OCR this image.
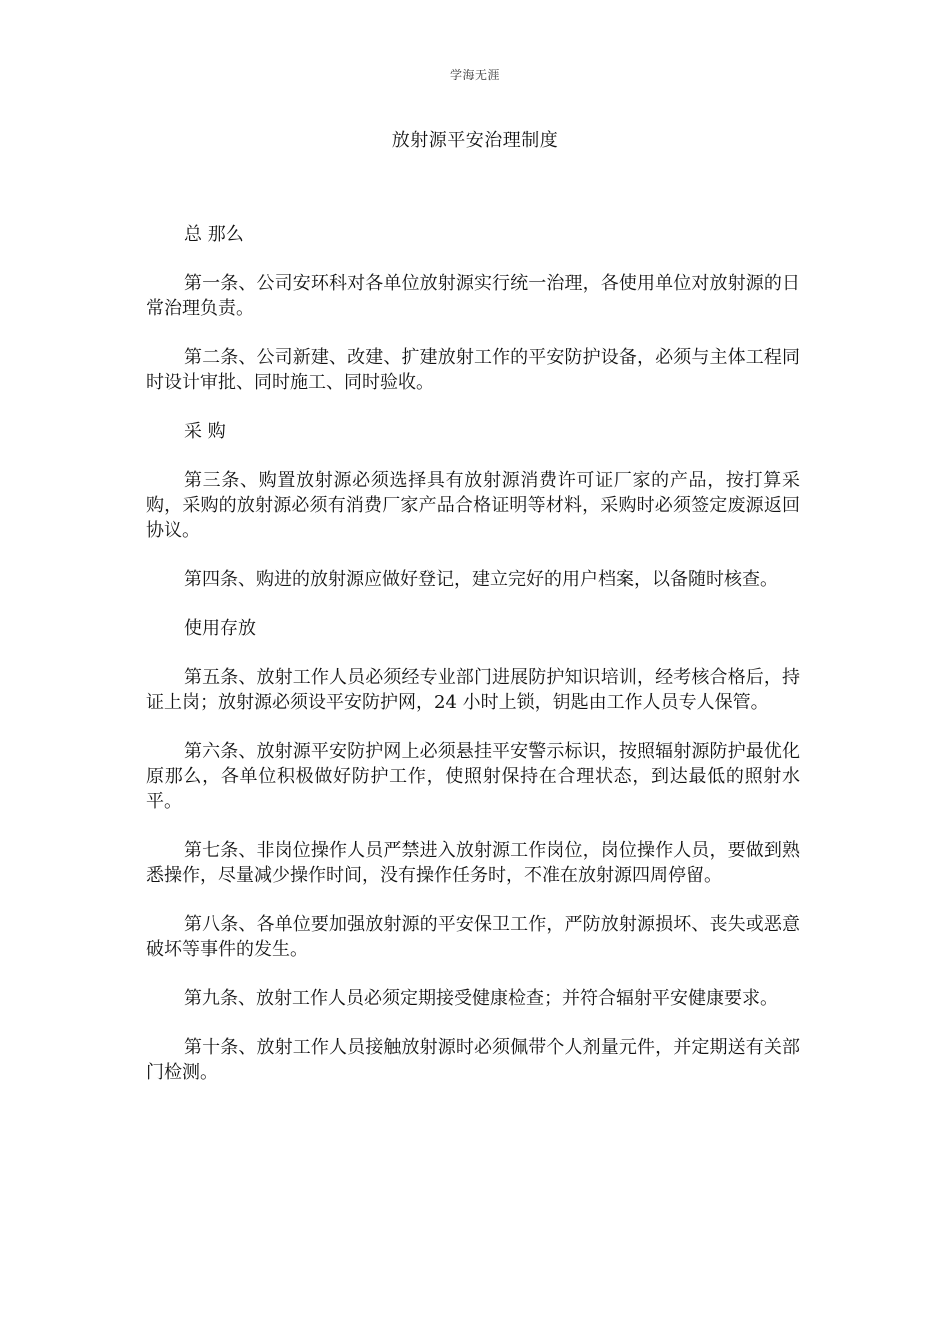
学海无涯
放射源平安治理制度
总 那么
第一条、公司安环科对各单位放射源实行统一治理，各使用单位对放射源的日常治理负责。
第二条、公司新建、改建、扩建放射工作的平安防护设备，必须与主体工程同时设计审批、同时施工、同时验收。
采 购
第三条、购置放射源必须选择具有放射源消费许可证厂家的产品，按打算采购，采购的放射源必须有消费厂家产品合格证明等材料，采购时必须签定废源返回协议。
第四条、购进的放射源应做好登记，建立完好的用户档案，以备随时核查。
使用存放
第五条、放射工作人员必须经专业部门进展防护知识培训，经考核合格后，持证上岗；放射源必须设平安防护网，24 小时上锁，钥匙由工作人员专人保管。
第六条、放射源平安防护网上必须悬挂平安警示标识，按照辐射源防护最优化原那么，各单位积极做好防护工作，使照射保持在合理状态，到达最低的照射水平。
第七条、非岗位操作人员严禁进入放射源工作岗位，岗位操作人员，要做到熟悉操作，尽量减少操作时间，没有操作任务时，不准在放射源四周停留。
第八条、各单位要加强放射源的平安保卫工作，严防放射源损坏、丧失或恶意破坏等事件的发生。
第九条、放射工作人员必须定期接受健康检查；并符合辐射平安健康要求。
第十条、放射工作人员接触放射源时必须佩带个人剂量元件，并定期送有关部门检测。
